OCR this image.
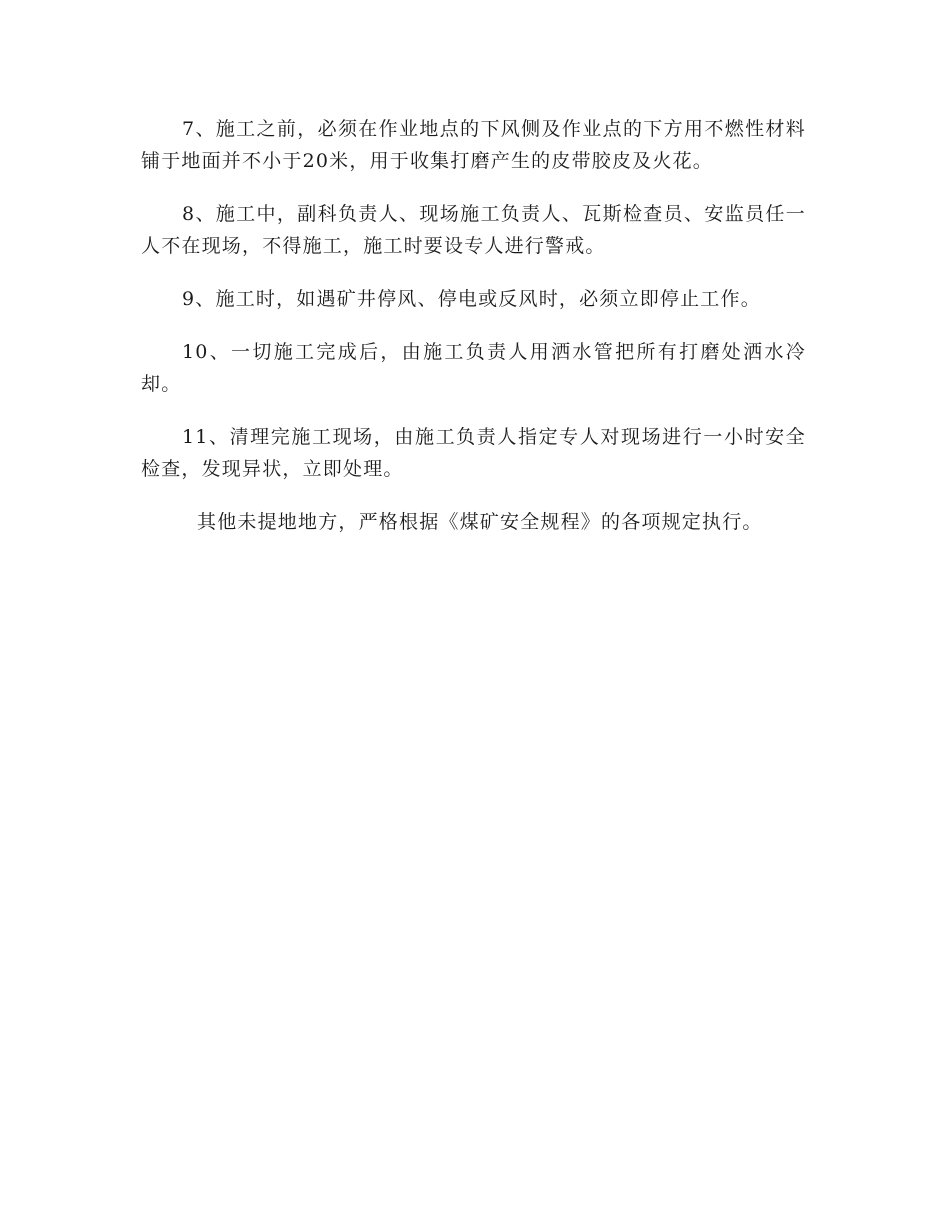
7、施工之前，必须在作业地点的下风侧及作业点的下方用不燃性材料铺于地面并不小于20米，用于收集打磨产生的皮带胶皮及火花。

8、施工中，副科负责人、现场施工负责人、瓦斯检查员、安监员任一人不在现场，不得施工，施工时要设专人进行警戒。

9、施工时，如遇矿井停风、停电或反风时，必须立即停止工作。

10、一切施工完成后，由施工负责人用洒水管把所有打磨处洒水冷却。

11、清理完施工现场，由施工负责人指定专人对现场进行一小时安全检查，发现异状，立即处理。

其他未提地地方，严格根据《煤矿安全规程》的各项规定执行。
